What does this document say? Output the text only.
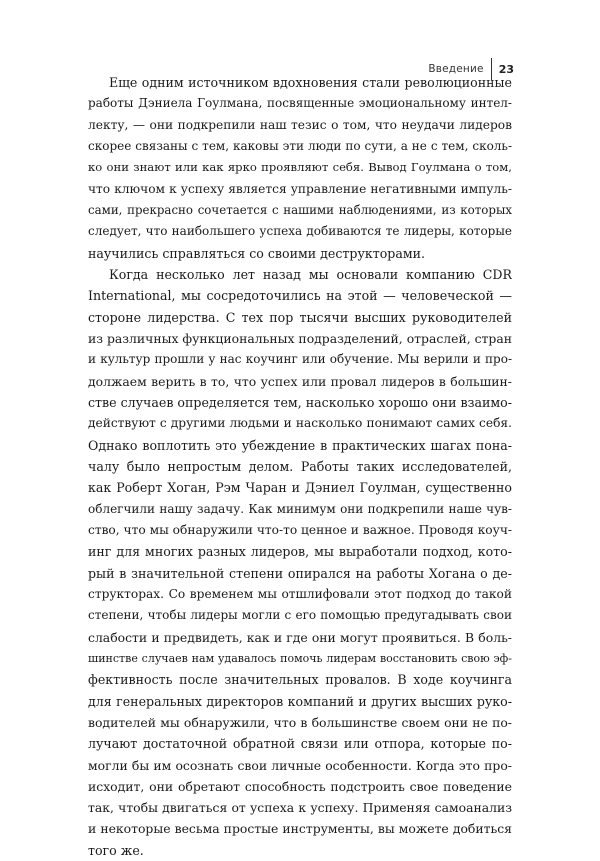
Введение	23
Еще одним источником вдохновения стали революционные
работы Дэниела Гоулмана, посвященные эмоциональному интел-
лекту, — они подкрепили наш тезис о том, что неудачи лидеров
скорее связаны с тем, каковы эти люди по сути, а не с тем, сколь-
ко они знают или как ярко проявляют себя. Вывод Гоулмана о том,
что ключом к успеху является управление негативными импуль-
сами, прекрасно сочетается с нашими наблюдениями, из которых
следует, что наибольшего успеха добиваются те лидеры, которые
научились справляться со своими деструкторами.
Когда несколько лет назад мы основали компанию CDR
International, мы сосредоточились на этой — человеческой —
стороне лидерства. С тех пор тысячи высших руководителей
из различных функциональных подразделений, отраслей, стран
и культур прошли у нас коучинг или обучение. Мы верили и про-
должаем верить в то, что успех или провал лидеров в большин-
стве случаев определяется тем, насколько хорошо они взаимо-
действуют с другими людьми и насколько понимают самих себя.
Однако воплотить это убеждение в практических шагах пона-
чалу было непростым делом. Работы таких исследователей,
как Роберт Хоган, Рэм Чаран и Дэниел Гоулман, существенно
облегчили нашу задачу. Как минимум они подкрепили наше чув-
ство, что мы обнаружили что-то ценное и важное. Проводя коуч-
инг для многих разных лидеров, мы выработали подход, кото-
рый в значительной степени опирался на работы Хогана о де-
структорах. Со временем мы отшлифовали этот подход до такой
степени, чтобы лидеры могли с его помощью предугадывать свои
слабости и предвидеть, как и где они могут проявиться. В боль-
шинстве случаев нам удавалось помочь лидерам восстановить свою эф-
фективность после значительных провалов. В ходе коучинга
для генеральных директоров компаний и других высших руко-
водителей мы обнаружили, что в большинстве своем они не по-
лучают достаточной обратной связи или отпора, которые по-
могли бы им осознать свои личные особенности. Когда это про-
исходит, они обретают способность подстроить свое поведение
так, чтобы двигаться от успеха к успеху. Применяя самоанализ
и некоторые весьма простые инструменты, вы можете добиться
того же.
